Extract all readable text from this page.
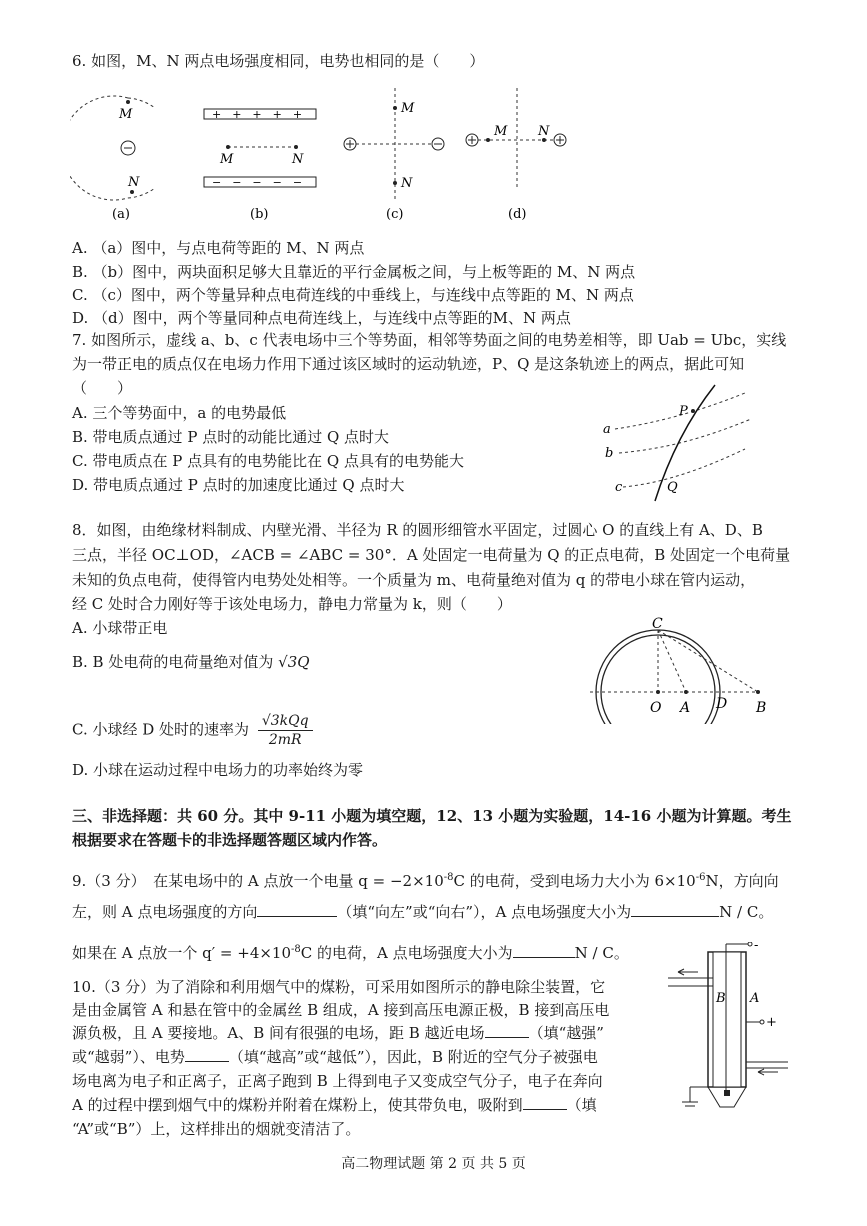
6. 如图，M、N 两点电场强度相同，电势也相同的是（　　）
M
N
(a)
+　+　+　+　+
−　−　−　−　−
M	N
(b)
M
N
(c)
M N
(d)
A. （a）图中，与点电荷等距的 M、N 两点
B. （b）图中，两块面积足够大且靠近的平行金属板之间，与上板等距的 M、N 两点
C. （c）图中，两个等量异种点电荷连线的中垂线上，与连线中点等距的 M、N 两点
D. （d）图中，两个等量同种点电荷连线上，与连线中点等距的M、N 两点
7. 如图所示，虚线 a、b、c 代表电场中三个等势面，相邻等势面之间的电势差相等，即 Uab = Ubc，实线
为一带正电的质点仅在电场力作用下通过该区域时的运动轨迹，P、Q 是这条轨迹上的两点，据此可知
（　　）
A. 三个等势面中，a 的电势最低
B. 带电质点通过 P 点时的动能比通过 Q 点时大
C. 带电质点在 P 点具有的电势能比在 Q 点具有的电势能大
D. 带电质点通过 P 点时的加速度比通过 Q 点时大
P
a
b
c	Q
8．如图，由绝缘材料制成、内壁光滑、半径为 R 的圆形细管水平固定，过圆心 O 的直线上有 A、D、B
三点，半径 OC⊥OD，∠ACB = ∠ABC = 30°．A 处固定一电荷量为 Q 的正点电荷，B 处固定一个电荷量
未知的负点电荷，使得管内电势处处相等。一个质量为 m、电荷量绝对值为 q 的带电小球在管内运动，
经 C 处时合力刚好等于该处电场力，静电力常量为 k，则（　　）
A. 小球带正电
B. B 处电荷的电荷量绝对值为 √3Q
C. 小球经 D 处时的速率为 √3kQq
2mR
D. 小球在运动过程中电场力的功率始终为零
C
O A D B
三、非选择题：共 60 分。其中 9-11 小题为填空题，12、13 小题为实验题，14-16 小题为计算题。考生
根据要求在答题卡的非选择题答题区域内作答。
9.（3 分）　在某电场中的 A 点放一个电量 $q = -2\times 10^{-8}C$ 的电荷，受到电场力大小为 $6\times 10^{-6}N$，方向向
左，则 A 点电场强度的方向	（填“向左”或“向右”），A 点电场强度大小为	N / C。
如果在 A 点放一个 $q' = +4\times 10^{-8}C$ 的电荷，A 点电场强度大小为	N / C。
10.（3 分）为了消除和利用烟气中的煤粉，可采用如图所示的静电除尘装置，它
是由金属管 A 和悬在管中的金属丝 B 组成，A 接到高压电源正极，B 接到高压电
源负极，且 A 要接地。A、B 间有很强的电场，距 B 越近电场	（填“越强”
或“越弱”）、电势	（填“越高”或“越低”），因此，B 附近的空气分子被强电
场电离为电子和正离子，正离子跑到 B 上得到电子又变成空气分子，电子在奔向
A 的过程中摆到烟气中的煤粉并附着在煤粉上，使其带负电，吸附到	（填
“A”或“B”）上，这样排出的烟就变清洁了。
-
+
B A
高二物理试题 第 2 页 共 5 页
